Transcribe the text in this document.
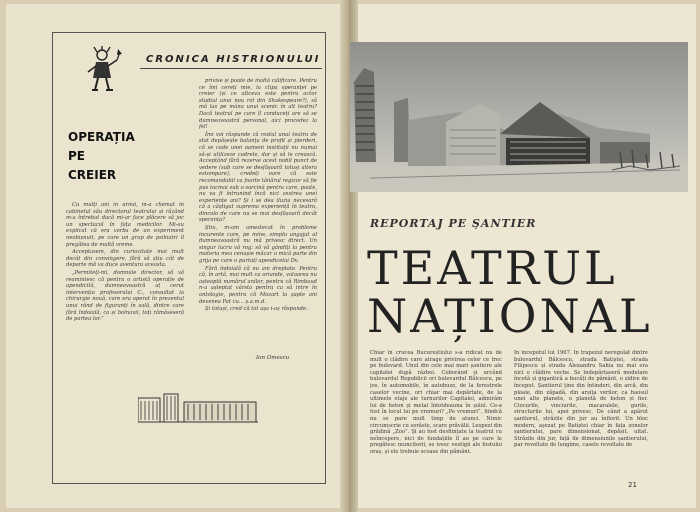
CRONICA HISTRIONULUI
OPERAȚIA
PE
CREIER

Cu mulți ani în urmă, m-a chemat în cabinetul său directorul teatrului și râzând m-a întrebat dacă mi-ar face plăcere să joc un spectacol în fața medicilor. Mi-au explicat că era vorba de un experiment neobișnuit, pe care un grup de psihiatri îl pregătea de multă vreme.

Acceptasem, din curiozitate mai mult decât din convingere, fără să știu cât de departe mă va duce aventura aceasta.

„Permiteți-mi, domnule director, să vă reamintesc că pentru o artistă operație de apendicită, dumneavoastră aț cerut intervenția profesorului C., consultat la chirurgie nouă, care era operat în prezentul unui rând de figuranți în sală, dintre care fără îndoială, ca și bolnavii, toți rămăseseră de partea lor.”

privise și poate de înaltă calificare. Pentru ce îmi cereți mie, la clipa speranței pe creier (și ce altceva este pentru actor studiul unui nou rol din Shakespeare?), să mă las pe mâna unui scenic în alt teatru? Dacă teatrul pe care îl conduceți are să se dumneavoastră personal, aici procedez la fel!

Îmi voi răspunde că rostul unui teatru de stat depășește balanța de profit și pierderi, că se cade unei oameni instituții nu numai să-și utilizeze cadrele, dar și să le crească. Acceptând fără rezerve acest nobil punct de vedere (sub care se desfășoară totuși altera estompare), credeți oare că este recomandabil ca foarte tânărul regizor să fie pus tocmai sub o sarcină pentru care, poate, nu va fi întrunind încă nici zestrea unei experiențe ani? Și i se dea iluzia necesară că a câștigat suprema experiență în teatru, dincolo de care nu se mai desfășoară decât speranța?

Știu, m-am amestecat în probleme incurente care, pe mine, simplu angajat al dumneavoastră nu mă privesc direct. Un singur lucru vă rog: să vă gândiți la pentru materia mea cenușie măcar o mică parte din grija pe care o purtați apendicelui Dv.

Fără îndoială că nu am dreptate. Pentru că, în artă, mai mult ca oriunde, valoarea nu așteaptă numărul anilor, pentru că Rimbaud n-a așteptat vârsta pentru ca să intre în antologie, pentru că Mozart la șapte ani devenea Pat cu... ș.a.m.d.

Și totuși, cred că tot așa i-aș răspunde.

Ion Omescu
REPORTAJ PE ȘANTIER
TEATRUL
NAȚIONAL
Chiar în crucea Bucureștiului s-a ridicat nu de mult o clădire care atrage privirea celor ce trec pe bulevard. Unul din cele mai mari șantiere ale capitalei după război. Coborând și urcând bulevardul Republicii ori bulevardul Bălcescu, pe jos, în automobile, în autobuze, de la ferestrele caselor vecine, ori chiar mai depărtate, de la ultimele etaje ale turnurilor Capitalei, admirăm lui de beton și metal întotdeauna în șolul. Ce-a fost în locul lui pe vremuri? „Pe vremuri”, fiindcă nu se pare mult timp de atunci. Nimic circumscrie cu sorăste, scare prăvălii. Lespezi din grădină „Zoo”. Și au fost desființate la teatrul cu neîncepere, nici de fundațiile îl au pe care le pregătesc muncitorii, se ivesc vestigii ale fostului oraș, și ele trebuie scoase din pământ.
În începutul lui 1967. În trapezul neregulat dintre bulevardul Bălcescu, strada Batiștei, strada Filipescu și strada Alexandru Sahia nu mai era nici o clădire veche. Se îndepărtaseră modelare încetă și gigantică a bucăți de pământ, o zidire de început. Șantierul ține din întinderi, din arcă, din ploaie, din zăpadă, din arșița verilor, ca haosul unei alte planete, o planetă de beton și fier. Ciocurile, vinciurile, macaralele, gurile, structurile lui, apoi privesc. De când a apărut șantierul, străzile din jur au înflorit. Un bloc modern, așezat pe Batiștei chiar în fața zonelor șantierului, pare dimensionat, depășit, uitat. Străzile din jur, față de dimensiunile șantierului, par revoltate de lungime, casele revoltate de
21
